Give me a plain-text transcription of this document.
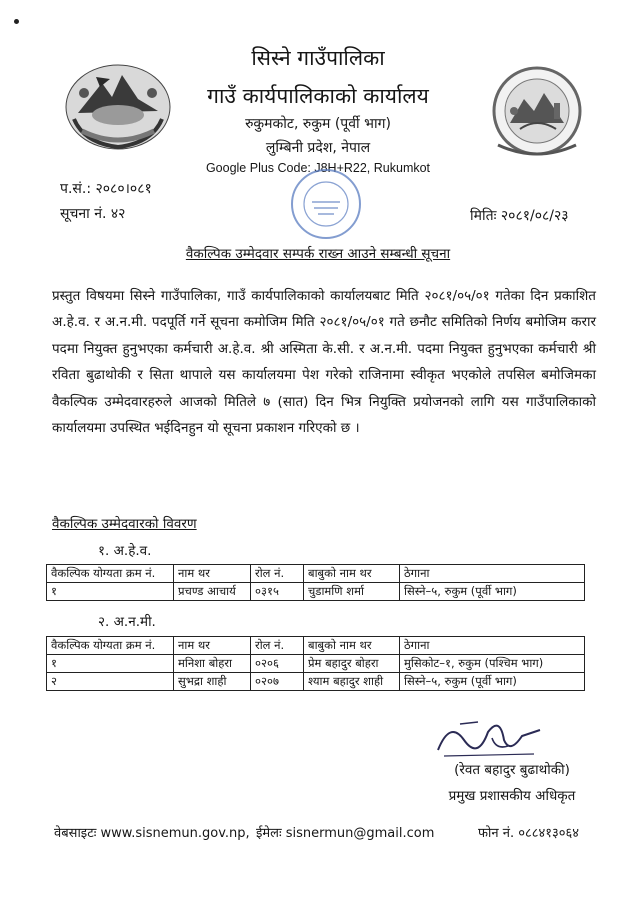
सिस्ने गाउँपालिका
गाउँ कार्यपालिकाको कार्यालय
रुकुमकोट, रुकुम (पूर्वी भाग)
लुम्बिनी प्रदेश, नेपाल
Google Plus Code: J8H+R22, Rukumkot
प.सं.: २०८०।०८१
सूचना नं. ४२	मितिः २०८१/०८/२३
वैकल्पिक उम्मेदवार सम्पर्क राख्न आउने सम्बन्धी सूचना
प्रस्तुत विषयमा सिस्ने गाउँपालिका, गाउँ कार्यपालिकाको कार्यालयबाट मिति २०८१/०५/०१ गतेका दिन प्रकाशित अ.हे.व. र अ.न.मी. पदपूर्ति गर्ने सूचना कमोजिम मिति २०८१/०५/०१ गते छनौट समितिको निर्णय बमोजिम करार पदमा नियुक्त हुनुभएका कर्मचारी अ.हे.व. श्री अस्मिता के.सी. र अ.न.मी. पदमा नियुक्त हुनुभएका कर्मचारी श्री रविता बुढाथोकी र सिता थापाले यस कार्यालयमा पेश गरेको राजिनामा स्वीकृत भएकोले तपसिल बमोजिमका वैकल्पिक उम्मेदवारहरुले आजको मितिले ७ (सात) दिन भित्र नियुक्ति प्रयोजनको लागि यस गाउँपालिकाको कार्यालयमा उपस्थित भईदिनहुन यो सूचना प्रकाशन गरिएको छ ।
वैकल्पिक उम्मेदवारको विवरण
१. अ.हे.व.
वैकल्पिक योग्यता क्रम नं.	नाम थर	रोल नं.	बाबुको नाम थर	ठेगाना
१	प्रचण्ड आचार्य	०३१५	चुडामणि शर्मा	सिस्ने–५, रुकुम (पूर्वी भाग)
२. अ.न.मी.
वैकल्पिक योग्यता क्रम नं.	नाम थर	रोल नं.	बाबुको नाम थर	ठेगाना
१	मनिशा बोहरा	०२०६	प्रेम बहादुर बोहरा	मुसिकोट–१, रुकुम (पश्चिम भाग)
२	सुभद्रा शाही	०२०७	श्याम बहादुर शाही	सिस्ने–५, रुकुम (पूर्वी भाग)
(रेवत बहादुर बुढाथोकी)
प्रमुख प्रशासकीय अधिकृत
वेबसाइटः www.sisnemun.gov.np, ईमेलः sisnermun@gmail.com	फोन नं. ०८८४१३०६४
